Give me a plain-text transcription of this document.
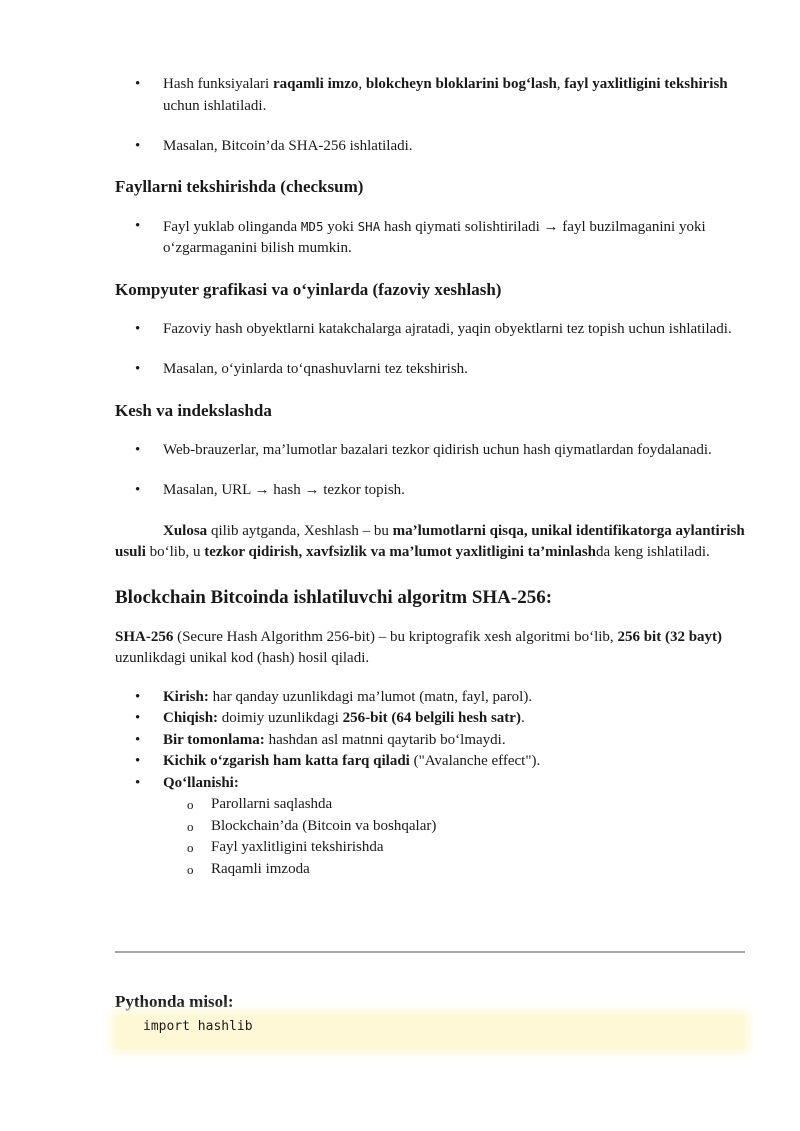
• Hash funksiyalari raqamli imzo, blokcheyn bloklarini bog‘lash, fayl yaxlitligini tekshirish uchun ishlatiladi.
• Masalan, Bitcoin’da SHA-256 ishlatiladi.
Fayllarni tekshirishda (checksum)
• Fayl yuklab olinganda MD5 yoki SHA hash qiymati solishtiriladi → fayl buzilmaganini yoki o‘zgarmaganini bilish mumkin.
Kompyuter grafikasi va o‘yinlarda (fazoviy xeshlash)
• Fazoviy hash obyektlarni katakchalarga ajratadi, yaqin obyektlarni tez topish uchun ishlatiladi.
• Masalan, o‘yinlarda to‘qnashuvlarni tez tekshirish.
Kesh va indekslashda
• Web-brauzerlar, ma’lumotlar bazalari tezkor qidirish uchun hash qiymatlardan foydalanadi.
• Masalan, URL → hash → tezkor topish.

Xulosa qilib aytganda, Xeshlash – bu ma’lumotlarni qisqa, unikal identifikatorga aylantirish usuli bo‘lib, u tezkor qidirish, xavfsizlik va ma’lumot yaxlitligini ta’minlashda keng ishlatiladi.

Blockchain Bitcoinda ishlatiluvchi algoritm SHA-256:

SHA-256 (Secure Hash Algorithm 256-bit) – bu kriptografik xesh algoritmi bo‘lib, 256 bit (32 bayt) uzunlikdagi unikal kod (hash) hosil qiladi.

• Kirish: har qanday uzunlikdagi ma’lumot (matn, fayl, parol).
• Chiqish: doimiy uzunlikdagi 256-bit (64 belgili hesh satr).
• Bir tomonlama: hashdan asl matnni qaytarib bo‘lmaydi.
• Kichik o‘zgarish ham katta farq qiladi ("Avalanche effect").
• Qo‘llanishi:
o Parollarni saqlashda
o Blockchain’da (Bitcoin va boshqalar)
o Fayl yaxlitligini tekshirishda
o Raqamli imzoda
Pythonda misol:
import hashlib
